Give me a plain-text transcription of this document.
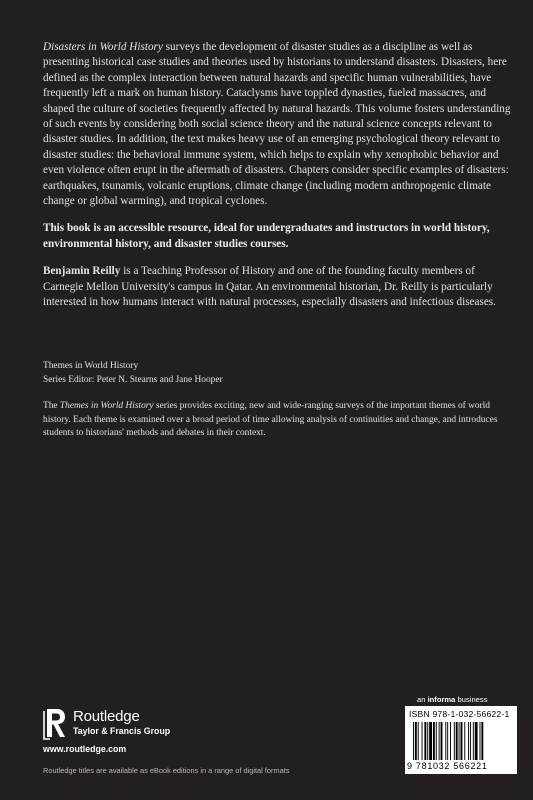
Disasters in World History surveys the development of disaster studies as a discipline as well as presenting historical case studies and theories used by historians to understand disasters. Disasters, here defined as the complex interaction between natural hazards and specific human vulnerabilities, have frequently left a mark on human history. Cataclysms have toppled dynasties, fueled massacres, and shaped the culture of societies frequently affected by natural hazards. This volume fosters understanding of such events by considering both social science theory and the natural science concepts relevant to disaster studies. In addition, the text makes heavy use of an emerging psychological theory relevant to disaster studies: the behavioral immune system, which helps to explain why xenophobic behavior and even violence often erupt in the aftermath of disasters. Chapters consider specific examples of disasters: earthquakes, tsunamis, volcanic eruptions, climate change (including modern anthropogenic climate change or global warming), and tropical cyclones.

This book is an accessible resource, ideal for undergraduates and instructors in world history, environmental history, and disaster studies courses.

Benjamin Reilly is a Teaching Professor of History and one of the founding faculty members of Carnegie Mellon University's campus in Qatar. An environmental historian, Dr. Reilly is particularly interested in how humans interact with natural processes, especially disasters and infectious diseases.

Themes in World History

Series Editor: Peter N. Stearns and Jane Hooper

The Themes in World History series provides exciting, new and wide-ranging surveys of the important themes of world history. Each theme is examined over a broad period of time allowing analysis of continuities and change, and introduces students to historians' methods and debates in their context.

Routledge
Taylor & Francis Group
www.routledge.com
Routledge titles are available as eBook editions in a range of digital formats
an informa business
ISBN 978-1-032-56622-1
9 781032 566221
